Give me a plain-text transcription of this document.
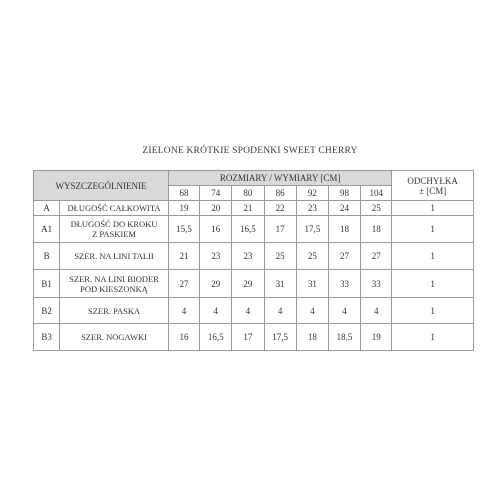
ZIELONE KRÓTKIE SPODENKI SWEET CHERRY
WYSZCZEGÓLNIENIE		ROZMIARY / WYMIARY [CM]							ODCHYŁKA
± [CM]
		68	74	80	86	92	98	104	
A	DŁUGOŚĆ CAŁKOWITA	19	20	21	22	23	24	25	1
A1	DŁUGOŚĆ DO KROKU
Z PASKIEM	15,5	16	16,5	17	17,5	18	18	1
B	SZER. NA LINI TALII	21	23	23	25	25	27	27	1
B1	SZER. NA LINI BIODER
POD KIESZONKĄ	27	29	29	31	31	33	33	1
B2	SZER. PASKA	4	4	4	4	4	4	4	1
B3	SZER. NOGAWKI	16	16,5	17	17,5	18	18,5	19	1
